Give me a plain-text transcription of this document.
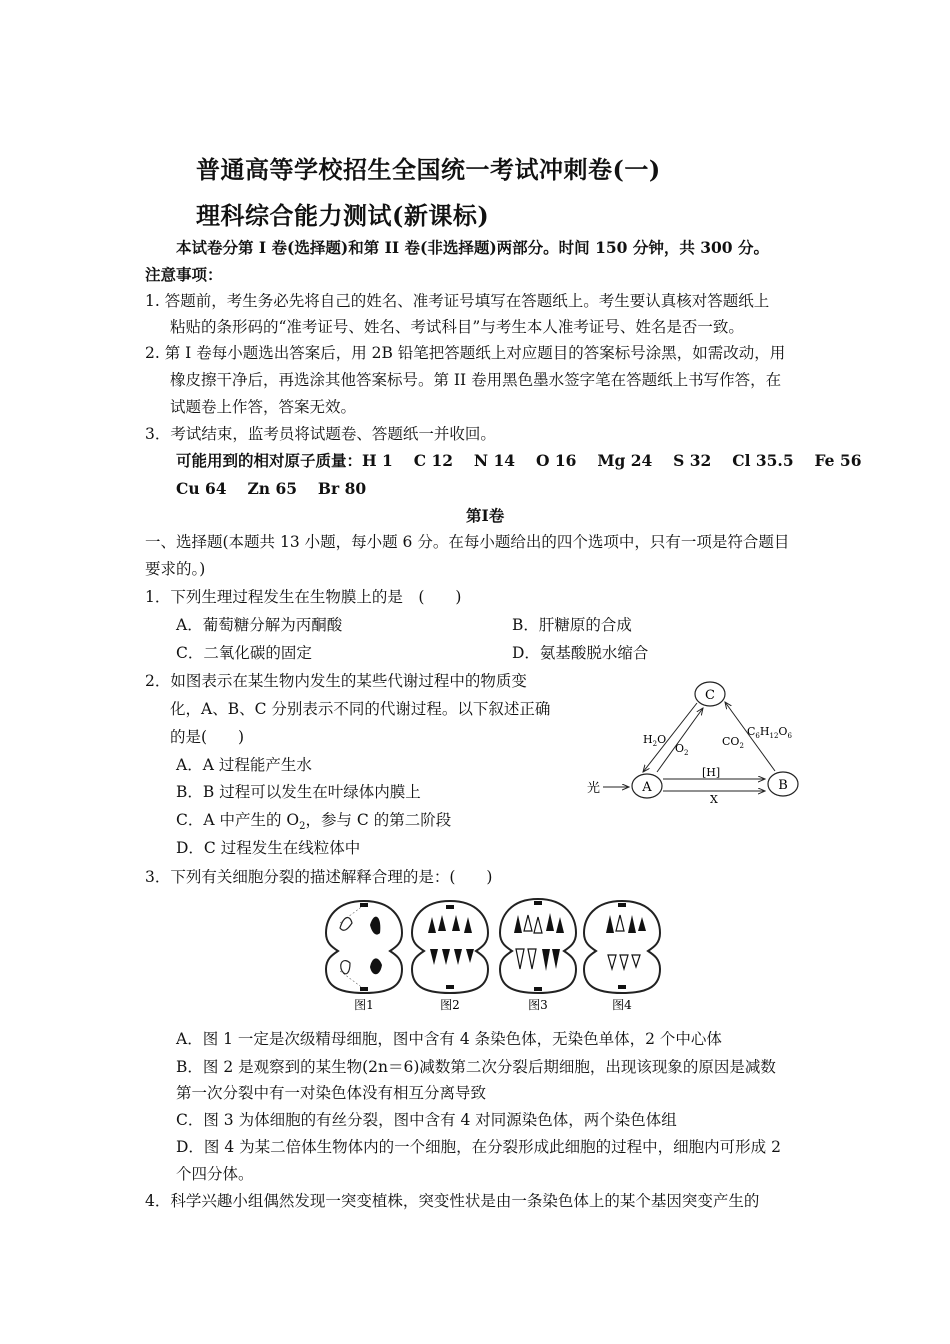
普通高等学校招生全国统一考试冲刺卷(一)
理科综合能力测试(新课标)
本试卷分第 I 卷(选择题)和第 II 卷(非选择题)两部分。时间 150 分钟，共 300 分。
注意事项：
1. 答题前，考生务必先将自己的姓名、准考证号填写在答题纸上。考生要认真核对答题纸上
粘贴的条形码的“准考证号、姓名、考试科目”与考生本人准考证号、姓名是否一致。
2. 第 I 卷每小题选出答案后，用 2B 铅笔把答题纸上对应题目的答案标号涂黑，如需改动，用
橡皮擦干净后，再选涂其他答案标号。第 II 卷用黑色墨水签字笔在答题纸上书写作答，在
试题卷上作答，答案无效。
3．考试结束，监考员将试题卷、答题纸一并收回。
可能用到的相对原子质量：H 1　 C 12　 N 14　 O 16　 Mg 24　 S 32　 Cl 35.5　 Fe 56
Cu 64　 Zn 65　 Br 80
第Ⅰ卷
一、选择题(本题共 13 小题，每小题 6 分。在每小题给出的四个选项中，只有一项是符合题目
要求的。)
1．下列生理过程发生在生物膜上的是　(　　)
A．葡萄糖分解为丙酮酸	B．肝糖原的合成
C．二氧化碳的固定	D．氨基酸脱水缩合
2．如图表示在某生物内发生的某些代谢过程中的物质变
化，A、B、C 分别表示不同的代谢过程。以下叙述正确
的是(　　)
A．A 过程能产生水
B．B 过程可以发生在叶绿体内膜上
C．A 中产生的 $O_2$，参与 C 的第二阶段
D．C 过程发生在线粒体中
C
A	B
光
[H]
X
$H_2O$
$O_2$
$CO_2$
$C_6H_{12}O_6$
3．下列有关细胞分裂的描述解释合理的是：(　　)
图1	图2	图3	图4
A．图 1 一定是次级精母细胞，图中含有 4 条染色体，无染色单体，2 个中心体
B．图 2 是观察到的某生物(2n＝6)减数第二次分裂后期细胞，出现该现象的原因是减数
第一次分裂中有一对染色体没有相互分离导致
C．图 3 为体细胞的有丝分裂，图中含有 4 对同源染色体，两个染色体组
D．图 4 为某二倍体生物体内的一个细胞，在分裂形成此细胞的过程中，细胞内可形成 2
个四分体。
4．科学兴趣小组偶然发现一突变植株，突变性状是由一条染色体上的某个基因突变产生的
